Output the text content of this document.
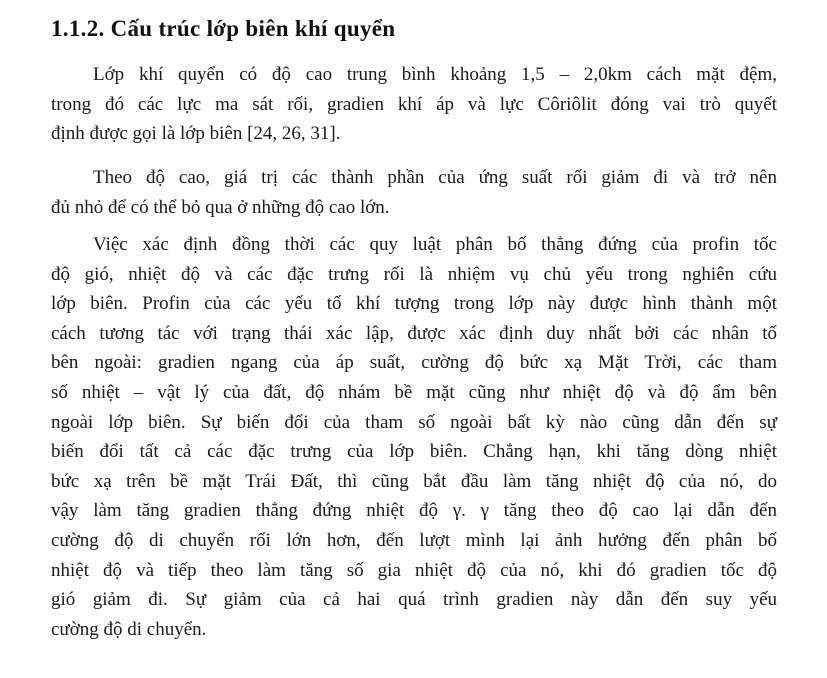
1.1.2. Cấu trúc lớp biên khí quyển
Lớp khí quyển có độ cao trung bình khoảng 1,5 – 2,0km cách mặt đệm,
trong đó các lực ma sát rối, gradien khí áp và lực Côriôlit đóng vai trò quyết
định được gọi là lớp biên [24, 26, 31].
Theo độ cao, giá trị các thành phần của ứng suất rối giảm đi và trở nên
đủ nhỏ để có thể bỏ qua ở những độ cao lớn.
Việc xác định đồng thời các quy luật phân bố thẳng đứng của profin tốc
độ gió, nhiệt độ và các đặc trưng rối là nhiệm vụ chủ yếu trong nghiên cứu
lớp biên. Profin của các yếu tố khí tượng trong lớp này được hình thành một
cách tương tác với trạng thái xác lập, được xác định duy nhất bởi các nhân tố
bên ngoài: gradien ngang của áp suất, cường độ bức xạ Mặt Trời, các tham
số nhiệt – vật lý của đất, độ nhám bề mặt cũng như nhiệt độ và độ ẩm bên
ngoài lớp biên. Sự biến đổi của tham số ngoài bất kỳ nào cũng dẫn đến sự
biến đổi tất cả các đặc trưng của lớp biên. Chẳng hạn, khi tăng dòng nhiệt
bức xạ trên bề mặt Trái Đất, thì cũng bắt đầu làm tăng nhiệt độ của nó, do
vậy làm tăng gradien thẳng đứng nhiệt độ γ. γ tăng theo độ cao lại dẫn đến
cường độ di chuyển rối lớn hơn, đến lượt mình lại ảnh hưởng đến phân bố
nhiệt độ và tiếp theo làm tăng số gia nhiệt độ của nó, khi đó gradien tốc độ
gió giảm đi. Sự giảm của cả hai quá trình gradien này dẫn đến suy yếu
cường độ di chuyển.
